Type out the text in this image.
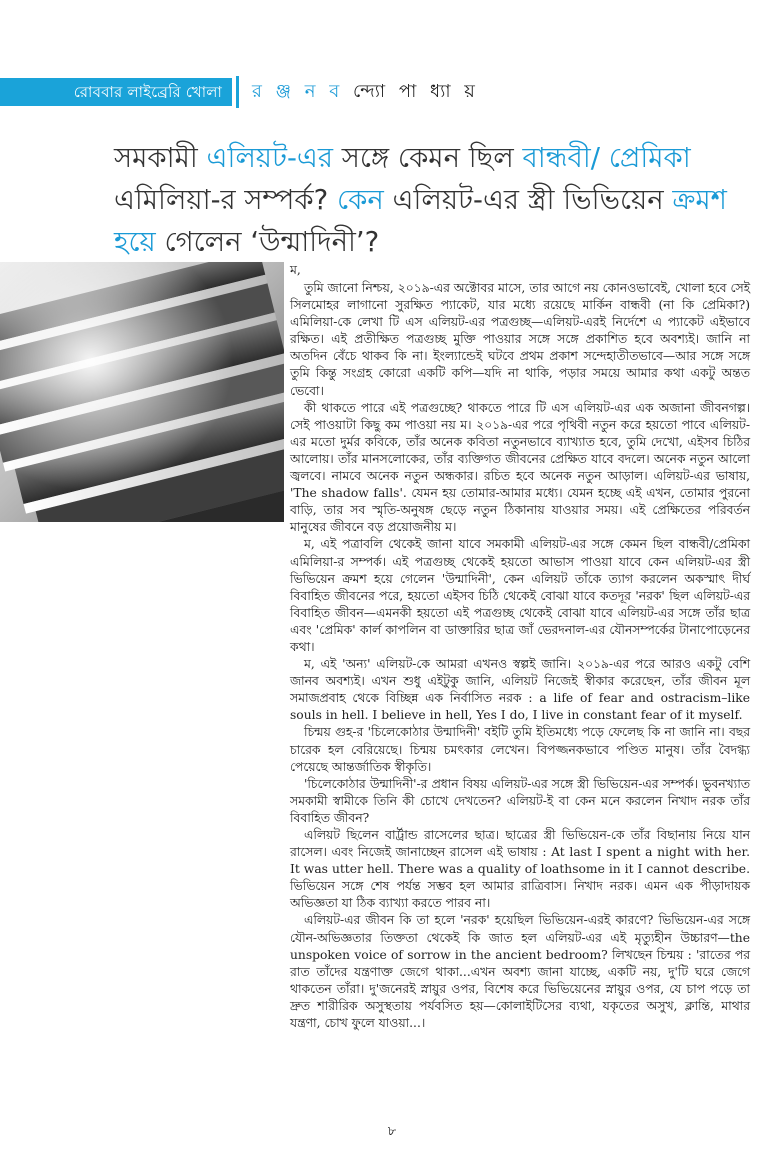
রোববার লাইব্রেরি খোলা	র ঞ্জ ন ব ন্দ্যো পা ধ্যা য়
সমকামী এলিয়ট-এর সঙ্গে কেমন ছিল বান্ধবী/ প্রেমিকা এমিলিয়া-র সম্পর্ক? কেন এলিয়ট-এর স্ত্রী ভিভিয়েন ক্রমশ হয়ে গেলেন ‘উন্মাদিনী’?
ম,

তুমি জানো নিশ্চয়, ২০১৯-এর অক্টোবর মাসে, তার আগে নয় কোনওভাবেই, খোলা হবে সেই সিলমোহর লাগানো সুরক্ষিত প্যাকেট, যার মধ্যে রয়েছে মার্কিন বান্ধবী (না কি প্রেমিকা?) এমিলিয়া-কে লেখা টি এস এলিয়ট-এর পত্রগুচ্ছ—এলিয়ট-এরই নির্দেশে এ প্যাকেট এইভাবে রক্ষিত। এই প্রতীক্ষিত পত্রগুচ্ছ মুক্তি পাওয়ার সঙ্গে সঙ্গে প্রকাশিত হবে অবশ্যই। জানি না অতদিন বেঁচে থাকব কি না। ইংল্যান্ডেই ঘটবে প্রথম প্রকাশ সন্দেহাতীতভাবে—আর সঙ্গে সঙ্গে তুমি কিন্তু সংগ্রহ কোরো একটি কপি—যদি না থাকি, পড়ার সময়ে আমার কথা একটু অন্তত ভেবো।

কী থাকতে পারে এই পত্রগুচ্ছে? থাকতে পারে টি এস এলিয়ট-এর এক অজানা জীবনগল্প। সেই পাওয়াটা কিছু কম পাওয়া নয় ম। ২০১৯-এর পরে পৃথিবী নতুন করে হয়তো পাবে এলিয়ট-এর মতো দুর্মর কবিকে, তাঁর অনেক কবিতা নতুনভাবে ব্যাখ্যাত হবে, তুমি দেখো, এইসব চিঠির আলোয়। তাঁর মানসলোকের, তাঁর ব্যক্তিগত জীবনের প্রেক্ষিত যাবে বদলে। অনেক নতুন আলো জ্বলবে। নামবে অনেক নতুন অন্ধকার। রচিত হবে অনেক নতুন আড়াল। এলিয়ট-এর ভাষায়, 'The shadow falls'. যেমন হয় তোমার-আমার মধ্যে। যেমন হচ্ছে এই এখন, তোমার পুরনো বাড়ি, তার সব স্মৃতি-অনুষঙ্গ ছেড়ে নতুন ঠিকানায় যাওয়ার সময়। এই প্রেক্ষিতের পরিবর্তন মানুষের জীবনে বড় প্রয়োজনীয় ম।

ম, এই পত্রাবলি থেকেই জানা যাবে সমকামী এলিয়ট-এর সঙ্গে কেমন ছিল বান্ধবী/প্রেমিকা এমিলিয়া-র সম্পর্ক। এই পত্রগুচ্ছ থেকেই হয়তো আভাস পাওয়া যাবে কেন এলিয়ট-এর স্ত্রী ভিভিয়েন ক্রমশ হয়ে গেলেন 'উন্মাদিনী', কেন এলিয়ট তাঁকে ত্যাগ করলেন অকস্মাৎ দীর্ঘ বিবাহিত জীবনের পরে, হয়তো এইসব চিঠি থেকেই বোঝা যাবে কতদূর 'নরক' ছিল এলিয়ট-এর বিবাহিত জীবন—এমনকী হয়তো এই পত্রগুচ্ছ থেকেই বোঝা যাবে এলিয়ট-এর সঙ্গে তাঁর ছাত্র এবং 'প্রেমিক' কার্ল কাপলিন বা ডাক্তারির ছাত্র জাঁ ভেরদনাল-এর যৌনসম্পর্কের টানাপোড়েনের কথা।

ম, এই 'অন্য' এলিয়ট-কে আমরা এখনও স্বল্পই জানি। ২০১৯-এর পরে আরও একটু বেশি জানব অবশ্যই। এখন শুধু এইটুকু জানি, এলিয়ট নিজেই স্বীকার করেছেন, তাঁর জীবন মূল সমাজপ্রবাহ থেকে বিচ্ছিন্ন এক নির্বাসিত নরক : a life of fear and ostracism–like souls in hell. I believe in hell, Yes I do, I live in constant fear of it myself.

চিন্ময় গুহ-র 'চিলেকোঠার উন্মাদিনী' বইটি তুমি ইতিমধ্যে পড়ে ফেলেছ কি না জানি না। বছর চারেক হল বেরিয়েছে। চিন্ময় চমৎকার লেখেন। বিপজ্জনকভাবে পণ্ডিত মানুষ। তাঁর বৈদগ্ধ্য পেয়েছে আন্তর্জাতিক স্বীকৃতি।

'চিলেকোঠার উন্মাদিনী'-র প্রধান বিষয় এলিয়ট-এর সঙ্গে স্ত্রী ভিভিয়েন-এর সম্পর্ক। ভুবনখ্যাত সমকামী স্বামীকে তিনি কী চোখে দেখতেন? এলিয়ট-ই বা কেন মনে করলেন নিখাদ নরক তাঁর বিবাহিত জীবন?

এলিয়ট ছিলেন বার্ট্রান্ড রাসেলের ছাত্র। ছাত্রের স্ত্রী ভিভিয়েন-কে তাঁর বিছানায় নিয়ে যান রাসেল। এবং নিজেই জানাচ্ছেন রাসেল এই ভাষায় : At last I spent a night with her. It was utter hell. There was a quality of loathsome in it I cannot describe. ভিভিয়েন সঙ্গে শেষ পর্যন্ত সম্ভব হল আমার রাত্রিবাস। নিখাদ নরক। এমন এক পীড়াদায়ক অভিজ্ঞতা যা ঠিক ব্যাখ্যা করতে পারব না।

এলিয়ট-এর জীবন কি তা হলে 'নরক' হয়েছিল ভিভিয়েন-এরই কারণে? ভিভিয়েন-এর সঙ্গে যৌন-অভিজ্ঞতার তিক্ততা থেকেই কি জাত হল এলিয়ট-এর এই মৃত্যুহীন উচ্চারণ—the unspoken voice of sorrow in the ancient bedroom? লিখছেন চিন্ময় : 'রাতের পর রাত তাঁদের যন্ত্রণাক্ত জেগে থাকা...এখন অবশ্য জানা যাচ্ছে, একটি নয়, দু'টি ঘরে জেগে থাকতেন তাঁরা। দু'জনেরই স্নায়ুর ওপর, বিশেষ করে ভিভিয়েনের স্নায়ুর ওপর, যে চাপ পড়ে তা দ্রুত শারীরিক অসুস্থতায় পর্যবসিত হয়—কোলাইটিসের ব্যথা, যকৃতের অসুখ, ক্লান্তি, মাথার যন্ত্রণা, চোখ ফুলে যাওয়া...।

৮
